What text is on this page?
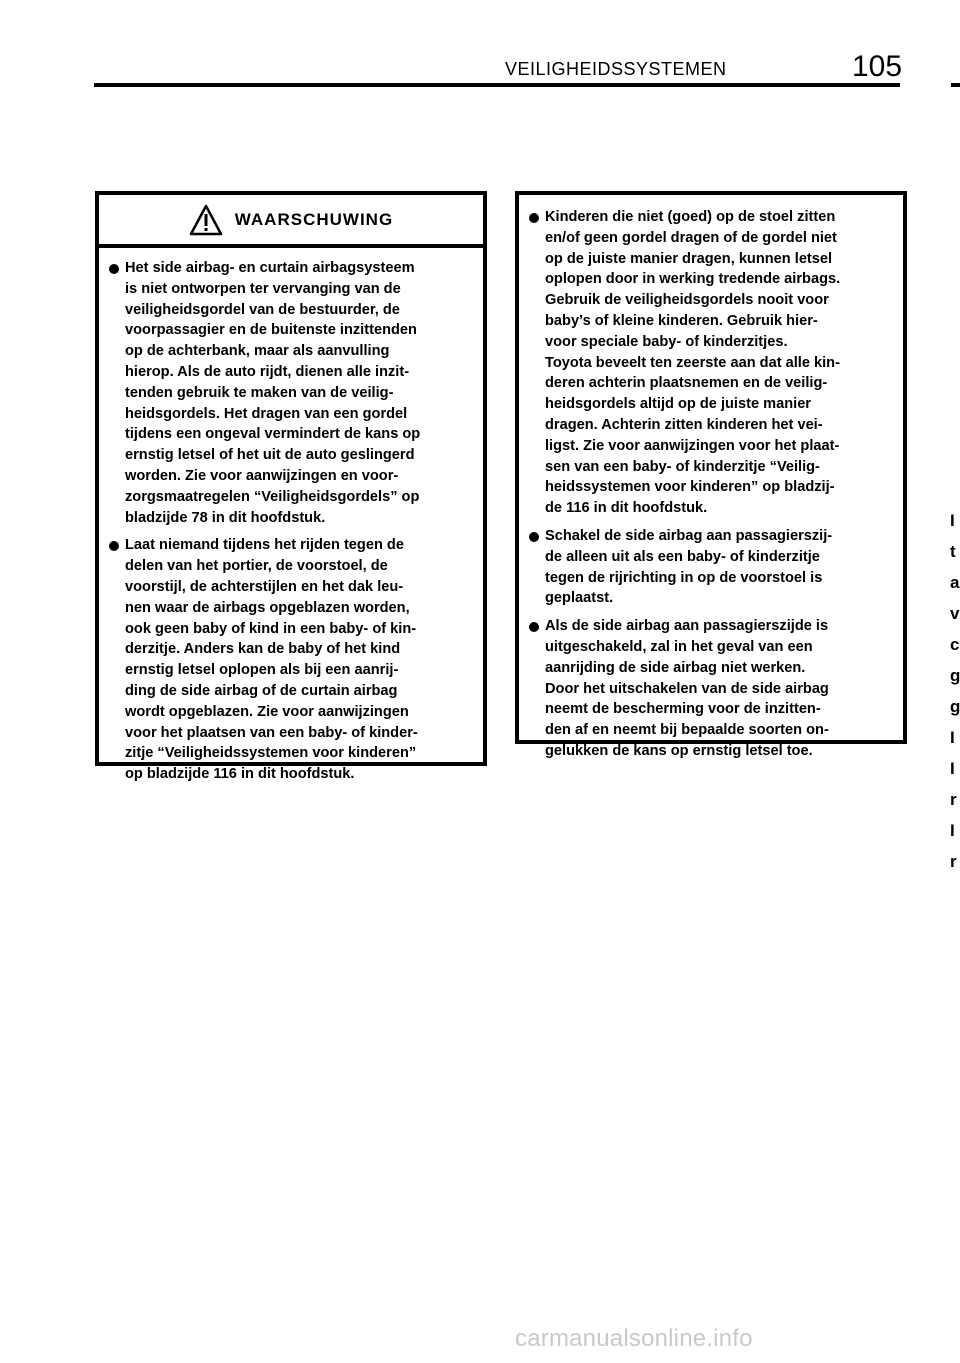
VEILIGHEIDSSYSTEMEN	105
WAARSCHUWING
Het side airbag- en curtain airbagsysteem
is niet ontworpen ter vervanging van de
veiligheidsgordel van de bestuurder, de
voorpassagier en de buitenste inzittenden
op de achterbank, maar als aanvulling
hierop. Als de auto rijdt, dienen alle inzit-
tenden gebruik te maken van de veilig-
heidsgordels. Het dragen van een gordel
tijdens een ongeval vermindert de kans op
ernstig letsel of het uit de auto geslingerd
worden. Zie voor aanwijzingen en voor-
zorgsmaatregelen “Veiligheidsgordels” op
bladzijde 78 in dit hoofdstuk.
Laat niemand tijdens het rijden tegen de
delen van het portier, de voorstoel, de
voorstijl, de achterstijlen en het dak leu-
nen waar de airbags opgeblazen worden,
ook geen baby of kind in een baby- of kin-
derzitje. Anders kan de baby of het kind
ernstig letsel oplopen als bij een aanrij-
ding de side airbag of de curtain airbag
wordt opgeblazen. Zie voor aanwijzingen
voor het plaatsen van een baby- of kinder-
zitje “Veiligheidssystemen voor kinderen”
op bladzijde 116 in dit hoofdstuk.
Kinderen die niet (goed) op de stoel zitten
en/of geen gordel dragen of de gordel niet
op de juiste manier dragen, kunnen letsel
oplopen door in werking tredende airbags.
Gebruik de veiligheidsgordels nooit voor
baby’s of kleine kinderen. Gebruik hier-
voor speciale baby- of kinderzitjes.
Toyota beveelt ten zeerste aan dat alle kin-
deren achterin plaatsnemen en de veilig-
heidsgordels altijd op de juiste manier
dragen. Achterin zitten kinderen het vei-
ligst. Zie voor aanwijzingen voor het plaat-
sen van een baby- of kinderzitje “Veilig-
heidssystemen voor kinderen” op bladzij-
de 116 in dit hoofdstuk.
Schakel de side airbag aan passagierszij-
de alleen uit als een baby- of kinderzitje
tegen de rijrichting in op de voorstoel is
geplaatst.
Als de side airbag aan passagierszijde is
uitgeschakeld, zal in het geval van een
aanrijding de side airbag niet werken.
Door het uitschakelen van de side airbag
neemt de bescherming voor de inzitten-
den af en neemt bij bepaalde soorten on-
gelukken de kans op ernstig letsel toe.
I
t
a
v
c
g
g
I
I
r
I
r
carmanualsonline.info
